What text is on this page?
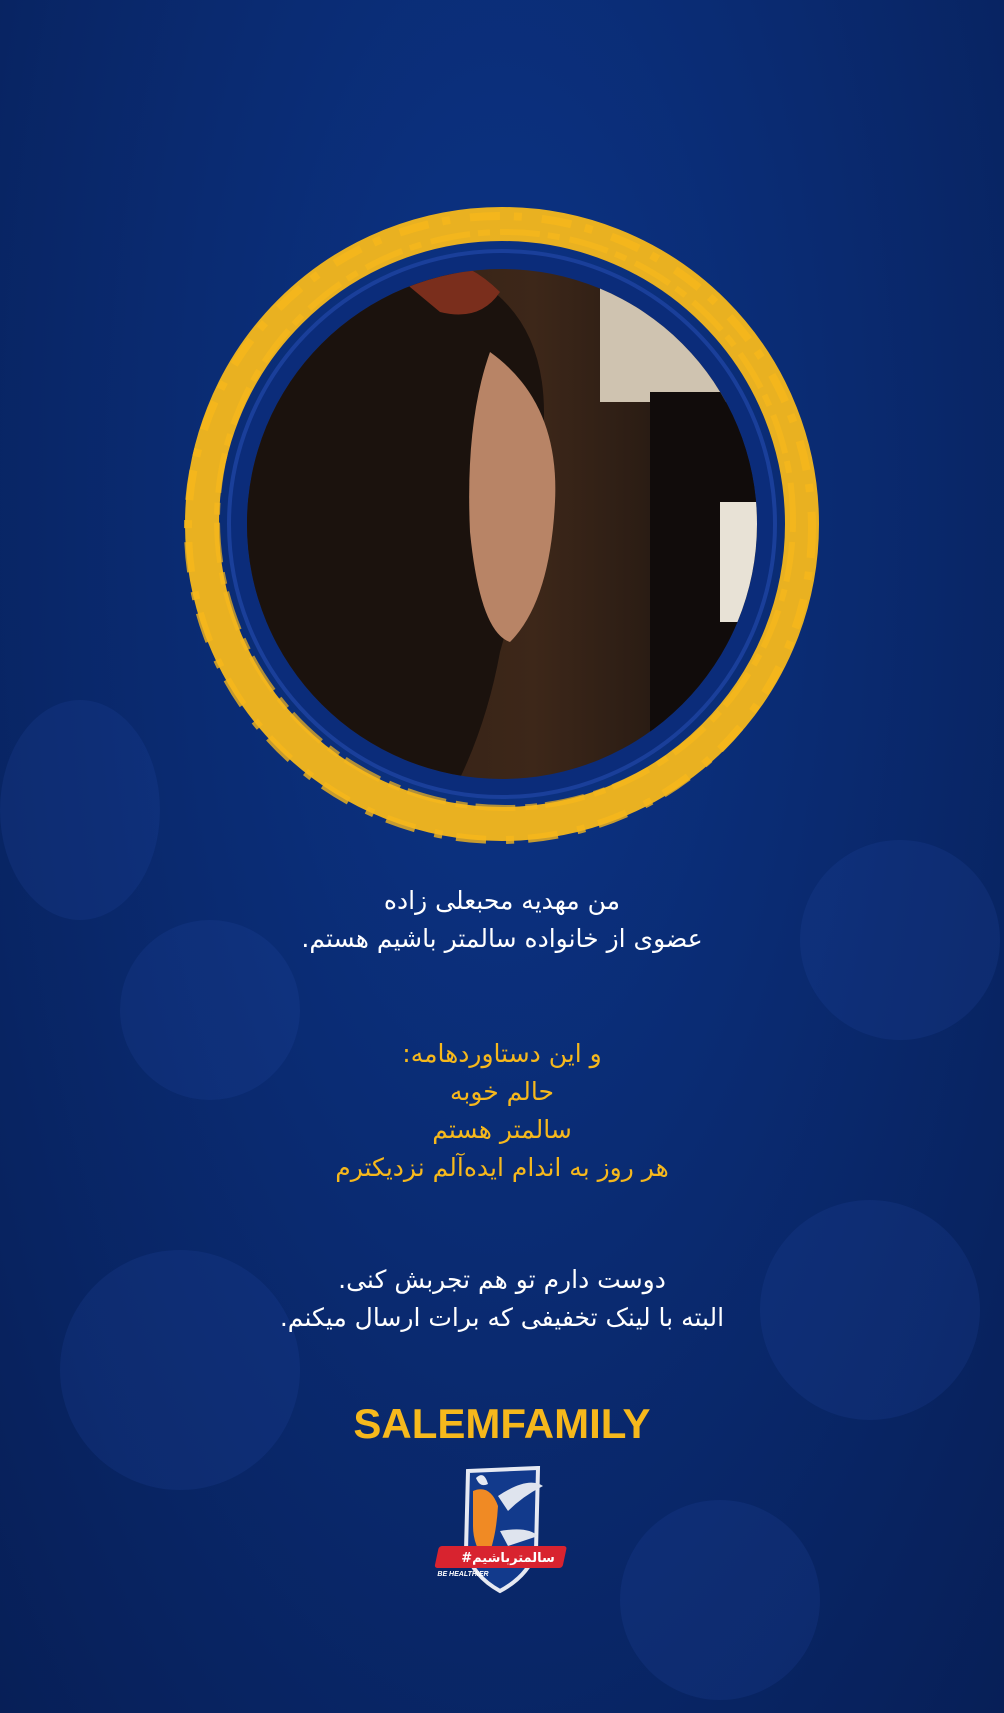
من مهدیه محبعلی زاده
عضوی از خانواده سالمتر باشیم هستم.
و این دستاوردهامه:
حالم خوبه
سالمتر هستم
هر روز به اندام ایده‌آلم نزدیکترم
دوست دارم تو هم تجربش کنی.
البته با لینک تخفیفی که برات ارسال میکنم.
SALEMFAMILY
#سالمترباشیم
BE HEALTHIER
